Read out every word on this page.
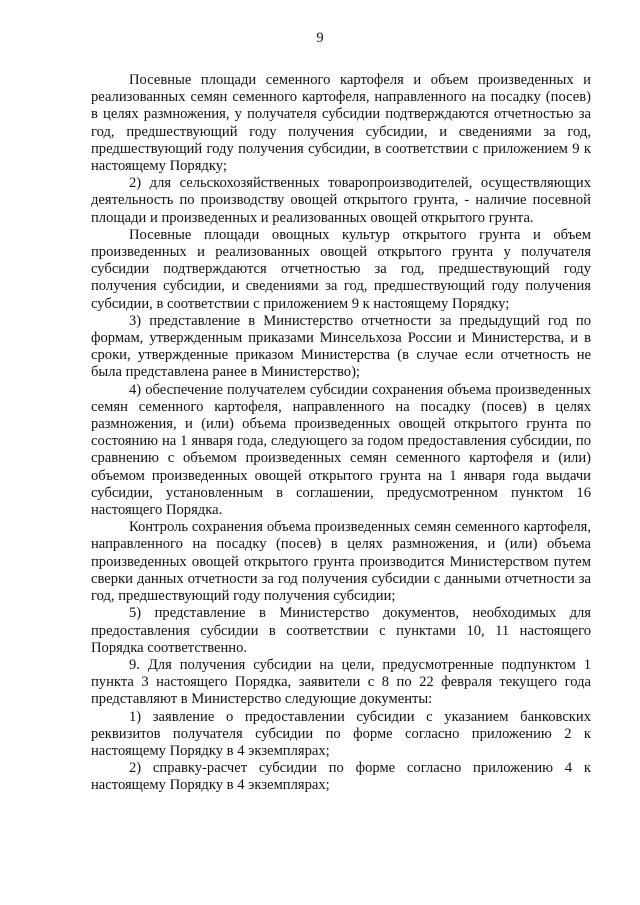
9

Посевные площади семенного картофеля и объем произведенных и реализованных семян семенного картофеля, направленного на посадку (посев) в целях размножения, у получателя субсидии подтверждаются отчетностью за год, предшествующий году получения субсидии, и сведениями за год, предшествующий году получения субсидии, в соответствии с приложением 9 к настоящему Порядку;

2) для сельскохозяйственных товаропроизводителей, осуществляющих деятельность по производству овощей открытого грунта, - наличие посевной площади и произведенных и реализованных овощей открытого грунта.

Посевные площади овощных культур открытого грунта и объем произведенных и реализованных овощей открытого грунта у получателя субсидии подтверждаются отчетностью за год, предшествующий году получения субсидии, и сведениями за год, предшествующий году получения субсидии, в соответствии с приложением 9 к настоящему Порядку;

3) представление в Министерство отчетности за предыдущий год по формам, утвержденным приказами Минсельхоза России и Министерства, и в сроки, утвержденные приказом Министерства (в случае если отчетность не была представлена ранее в Министерство);

4) обеспечение получателем субсидии сохранения объема произведенных семян семенного картофеля, направленного на посадку (посев) в целях размножения, и (или) объема произведенных овощей открытого грунта по состоянию на 1 января года, следующего за годом предоставления субсидии, по сравнению с объемом произведенных семян семенного картофеля и (или) объемом произведенных овощей открытого грунта на 1 января года выдачи субсидии, установленным в соглашении, предусмотренном пунктом 16 настоящего Порядка.

Контроль сохранения объема произведенных семян семенного картофеля, направленного на посадку (посев) в целях размножения, и (или) объема произведенных овощей открытого грунта производится Министерством путем сверки данных отчетности за год получения субсидии с данными отчетности за год, предшествующий году получения субсидии;

5) представление в Министерство документов, необходимых для предоставления субсидии в соответствии с пунктами 10, 11 настоящего Порядка соответственно.

9. Для получения субсидии на цели, предусмотренные подпунктом 1 пункта 3 настоящего Порядка, заявители с 8 по 22 февраля текущего года представляют в Министерство следующие документы:

1) заявление о предоставлении субсидии с указанием банковских реквизитов получателя субсидии по форме согласно приложению 2 к настоящему Порядку в 4 экземплярах;

2) справку-расчет субсидии по форме согласно приложению 4 к настоящему Порядку в 4 экземплярах;
